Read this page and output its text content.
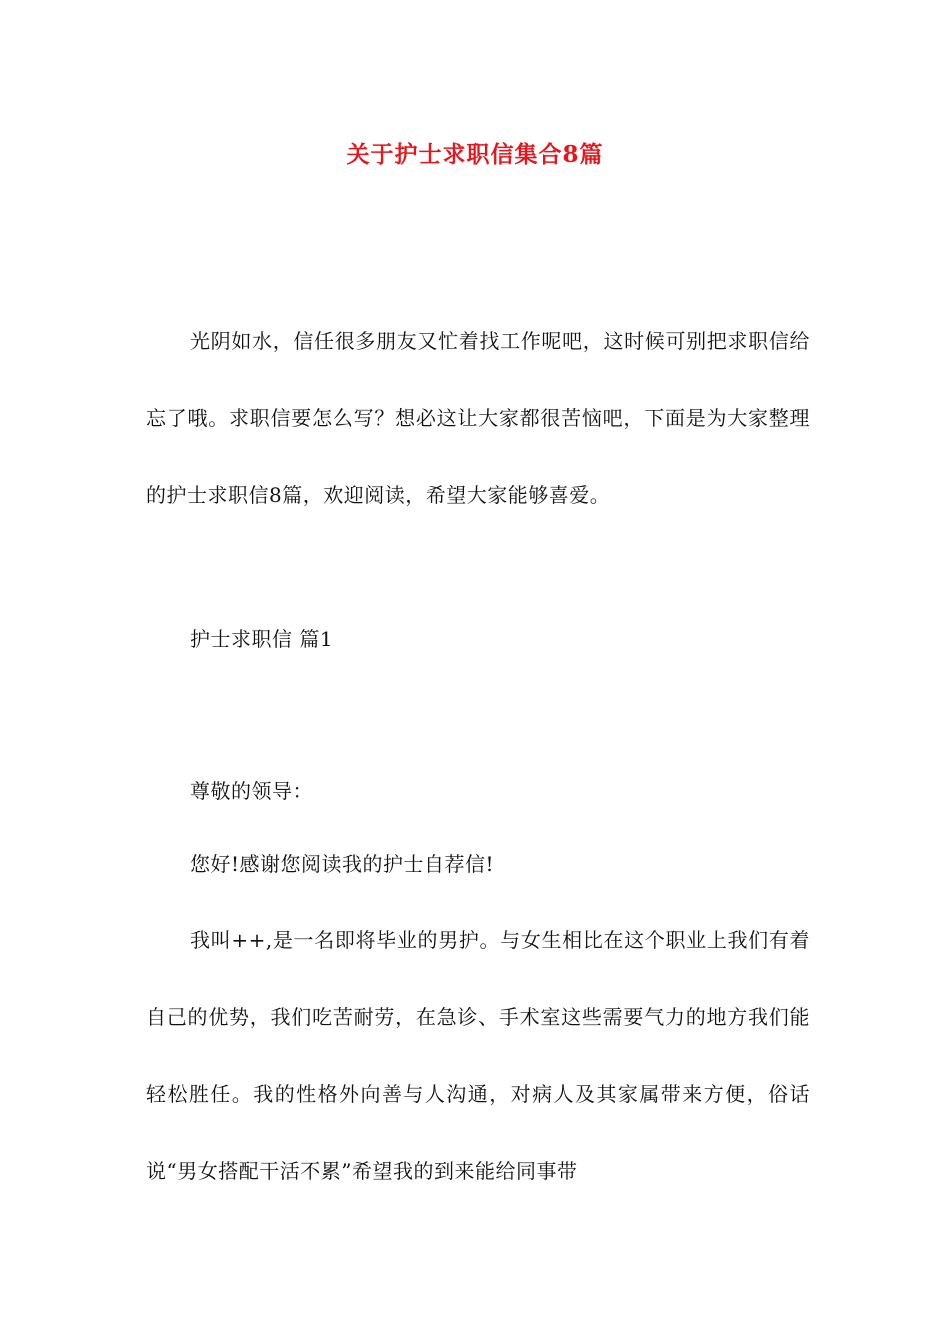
关于护士求职信集合8篇

光阴如水，信任很多朋友又忙着找工作呢吧，这时候可别把求职信给忘了哦。求职信要怎么写？想必这让大家都很苦恼吧，下面是为大家整理的护士求职信8篇，欢迎阅读，希望大家能够喜爱。

护士求职信 篇1

尊敬的领导：

您好!感谢您阅读我的护士自荐信!

我叫++,是一名即将毕业的男护。与女生相比在这个职业上我们有着自己的优势，我们吃苦耐劳，在急诊、手术室这些需要气力的地方我们能轻松胜任。我的性格外向善与人沟通，对病人及其家属带来方便，俗话说“男女搭配干活不累”希望我的到来能给同事带
